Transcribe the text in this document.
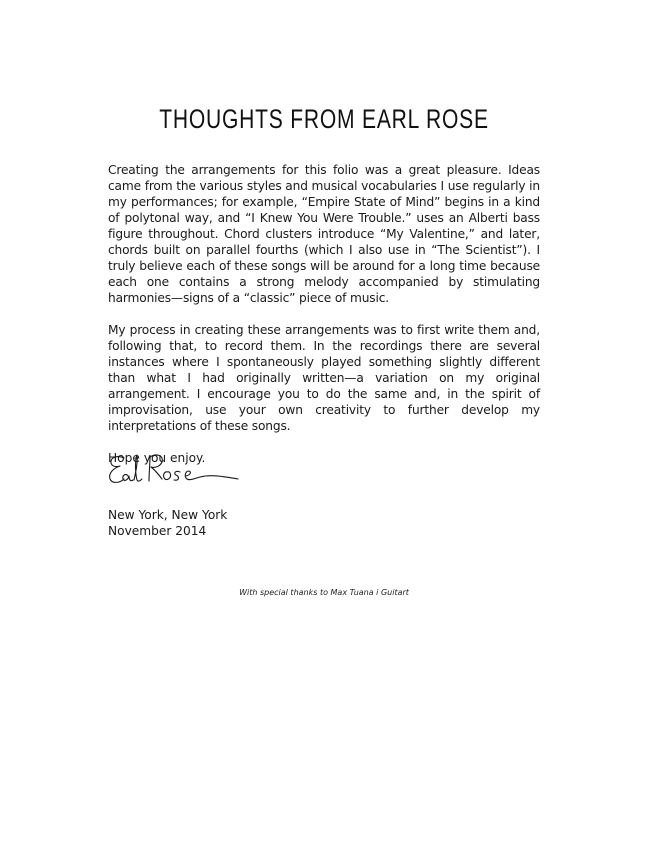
THOUGHTS FROM EARL ROSE

Creating the arrangements for this folio was a great pleasure. Ideas came from the various styles and musical vocabularies I use regularly in my performances; for example, “Empire State of Mind” begins in a kind of polytonal way, and “I Knew You Were Trouble.” uses an Alberti bass figure throughout. Chord clusters introduce “My Valentine,” and later, chords built on parallel fourths (which I also use in “The Scientist”). I truly believe each of these songs will be around for a long time because each one contains a strong melody accompanied by stimulating harmonies—signs of a “classic” piece of music.

My process in creating these arrangements was to first write them and, following that, to record them. In the recordings there are several instances where I spontaneously played something slightly different than what I had originally written—a variation on my original arrangement. I encourage you to do the same and, in the spirit of improvisation, use your own creativity to further develop my interpretations of these songs.

Hope you enjoy.

New York, New York
November 2014
With special thanks to Max Tuana i Guitart
